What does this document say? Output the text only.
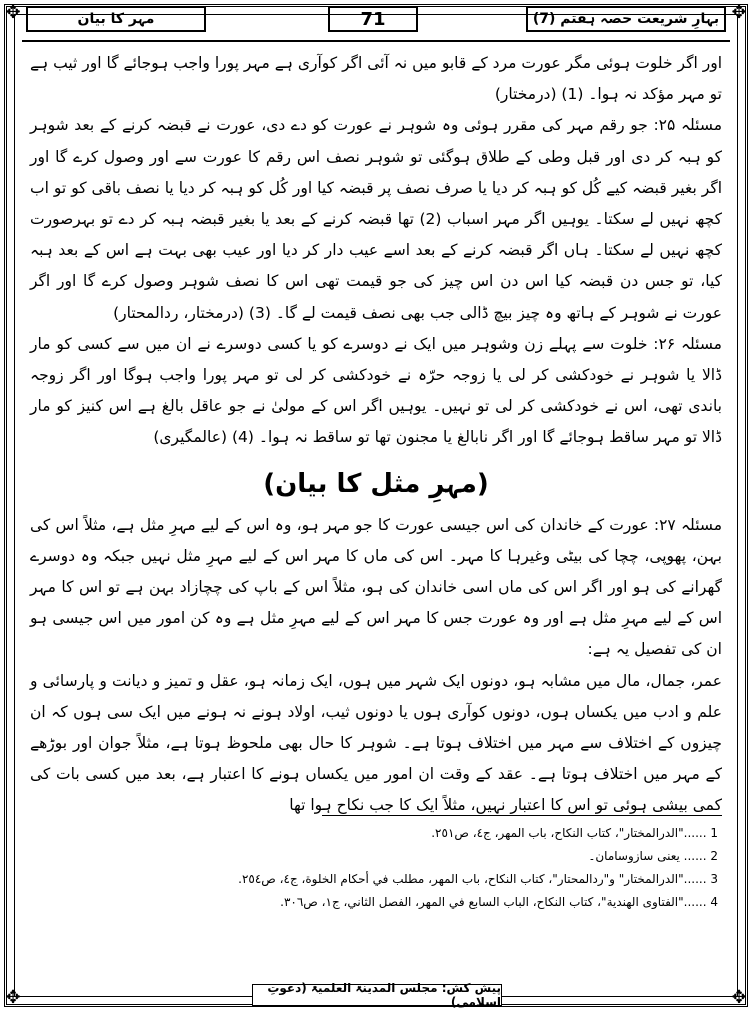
✥	✥
✥	✥
مہر کا بیان	71	بہارِ شریعت حصہ ہفتم (7)

اور اگر خلوت ہوئی مگر عورت مرد کے قابو میں نہ آئی اگر کوآری ہے مہر پورا واجب ہوجائے گا اور ثیب ہے تو مہر مؤکد نہ ہوا۔ (1) (درمختار)

مسئلہ ۲۵: جو رقم مہر کی مقرر ہوئی وہ شوہر نے عورت کو دے دی، عورت نے قبضہ کرنے کے بعد شوہر کو ہبہ کر دی اور قبل وطی کے طلاق ہوگئی تو شوہر نصف اس رقم کا عورت سے اور وصول کرے گا اور اگر بغیر قبضہ کیے کُل کو ہبہ کر دیا یا صرف نصف پر قبضہ کیا اور کُل کو ہبہ کر دیا یا نصف باقی کو تو اب کچھ نہیں لے سکتا۔ یوہیں اگر مہر اسباب (2) تھا قبضہ کرنے کے بعد یا بغیر قبضہ ہبہ کر دے تو بہرصورت کچھ نہیں لے سکتا۔ ہاں اگر قبضہ کرنے کے بعد اسے عیب دار کر دیا اور عیب بھی بہت ہے اس کے بعد ہبہ کیا، تو جس دن قبضہ کیا اس دن اس چیز کی جو قیمت تھی اس کا نصف شوہر وصول کرے گا اور اگر عورت نے شوہر کے ہاتھ وہ چیز بیچ ڈالی جب بھی نصف قیمت لے گا۔ (3) (درمختار، ردالمحتار)

مسئلہ ۲۶: خلوت سے پہلے زن وشوہر میں ایک نے دوسرے کو یا کسی دوسرے نے ان میں سے کسی کو مار ڈالا یا شوہر نے خودکشی کر لی یا زوجہ حرّہ نے خودکشی کر لی تو مہر پورا واجب ہوگا اور اگر زوجہ باندی تھی، اس نے خودکشی کر لی تو نہیں۔ یوہیں اگر اس کے مولیٰ نے جو عاقل بالغ ہے اس کنیز کو مار ڈالا تو مہر ساقط ہوجائے گا اور اگر نابالغ یا مجنون تھا تو ساقط نہ ہوا۔ (4) (عالمگیری)

(مہرِ مثل کا بیان)

مسئلہ ۲۷: عورت کے خاندان کی اس جیسی عورت کا جو مہر ہو، وہ اس کے لیے مہرِ مثل ہے، مثلاً اس کی بہن، پھوپی، چچا کی بیٹی وغیرہا کا مہر۔ اس کی ماں کا مہر اس کے لیے مہرِ مثل نہیں جبکہ وہ دوسرے گھرانے کی ہو اور اگر اس کی ماں اسی خاندان کی ہو، مثلاً اس کے باپ کی چچازاد بہن ہے تو اس کا مہر اس کے لیے مہرِ مثل ہے اور وہ عورت جس کا مہر اس کے لیے مہرِ مثل ہے وہ کن امور میں اس جیسی ہو ان کی تفصیل یہ ہے:

عمر، جمال، مال میں مشابہ ہو، دونوں ایک شہر میں ہوں، ایک زمانہ ہو، عقل و تمیز و دیانت و پارسائی و علم و ادب میں یکساں ہوں، دونوں کوآری ہوں یا دونوں ثیب، اولاد ہونے نہ ہونے میں ایک سی ہوں کہ ان چیزوں کے اختلاف سے مہر میں اختلاف ہوتا ہے۔ شوہر کا حال بھی ملحوظ ہوتا ہے، مثلاً جوان اور بوڑھے کے مہر میں اختلاف ہوتا ہے۔ عقد کے وقت ان امور میں یکساں ہونے کا اعتبار ہے، بعد میں کسی بات کی کمی بیشی ہوئی تو اس کا اعتبار نہیں، مثلاً ایک کا جب نکاح ہوا تھا

1 ......"الدرالمختار"، كتاب النكاح، باب المهر، ج٤، ص٢٥١.
2 ...... یعنی سازوسامان۔
3 ......"الدرالمختار" و"ردالمحتار"، كتاب النكاح، باب المهر، مطلب في أحكام الخلوة، ج٤، ص٢٥٤.
4 ......"الفتاوى الهندية"، كتاب النكاح، الباب السابع في المهر، الفصل الثاني، ج١، ص٣٠٦.
پیش کش: مجلس المدینۃ العلمیۃ (دعوتِ اسلامی)
